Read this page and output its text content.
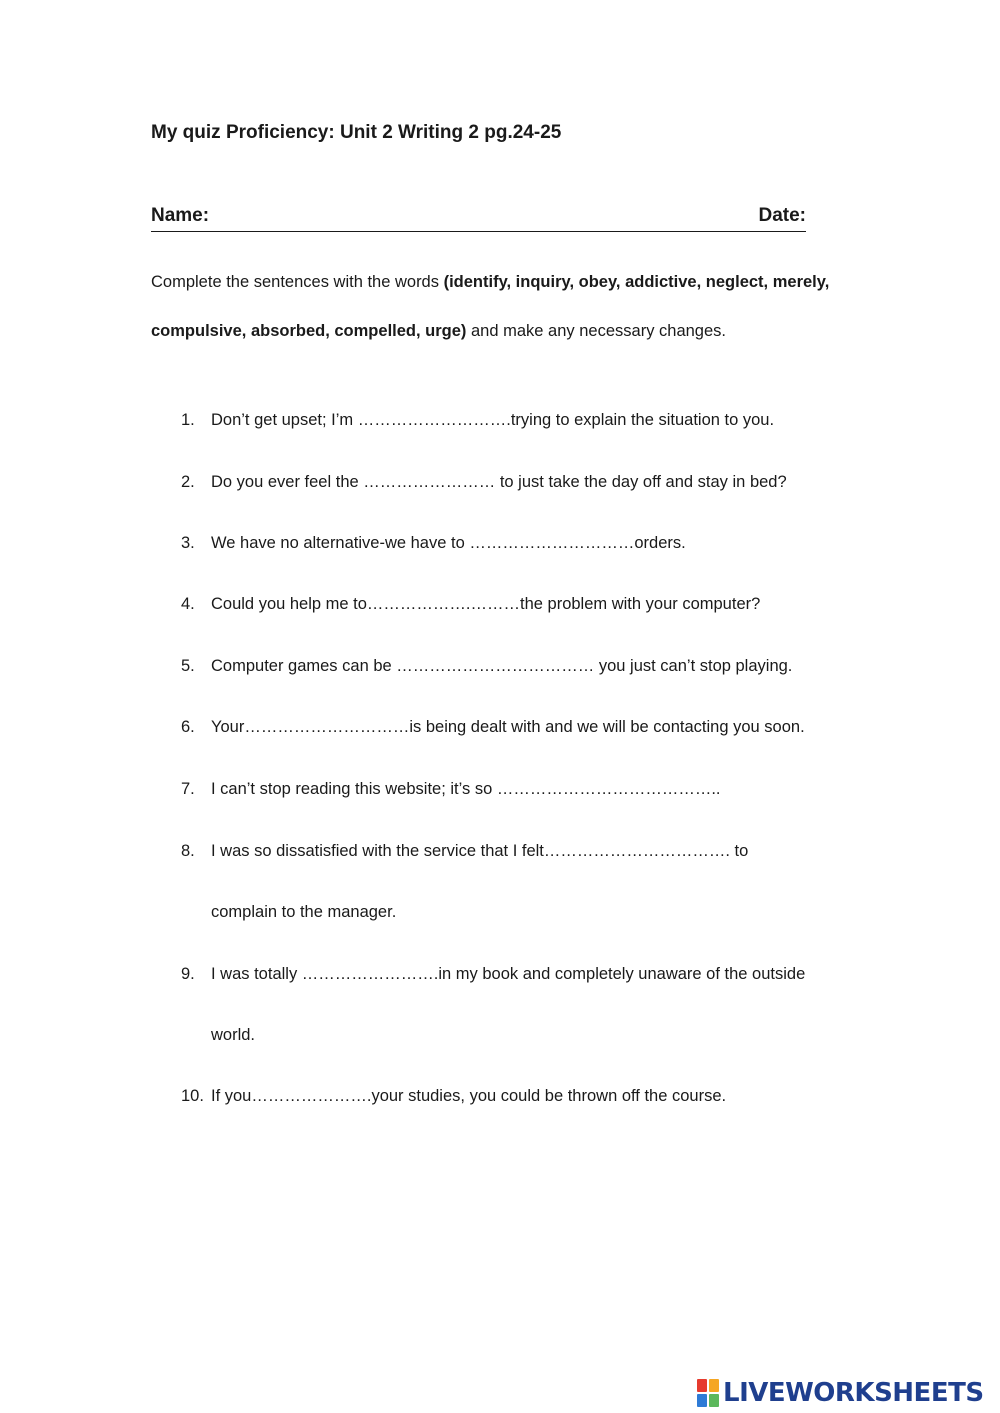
My quiz Proficiency: Unit 2 Writing 2 pg.24-25
Name:	Date:

Complete the sentences with the words (identify, inquiry, obey, addictive, neglect, merely, compulsive, absorbed, compelled, urge) and make any necessary changes.

1. Don’t get upset; I’m ……………………….trying to explain the situation to you.
2. Do you ever feel the …………………… to just take the day off and stay in bed?
3. We have no alternative-we have to …………………………orders.
4. Could you help me to……………….………the problem with your computer?
5. Computer games can be ……………………………… you just can’t stop playing.
6. Your…………………………is being dealt with and we will be contacting you soon.
7. I can’t stop reading this website; it’s so …………………………………..
8. I was so dissatisfied with the service that I felt……………………………. to
complain to the manager.
9. I was totally …………………….in my book and completely unaware of the outside
world.
10. If you………………….your studies, you could be thrown off the course.
LIVEWORKSHEETS
